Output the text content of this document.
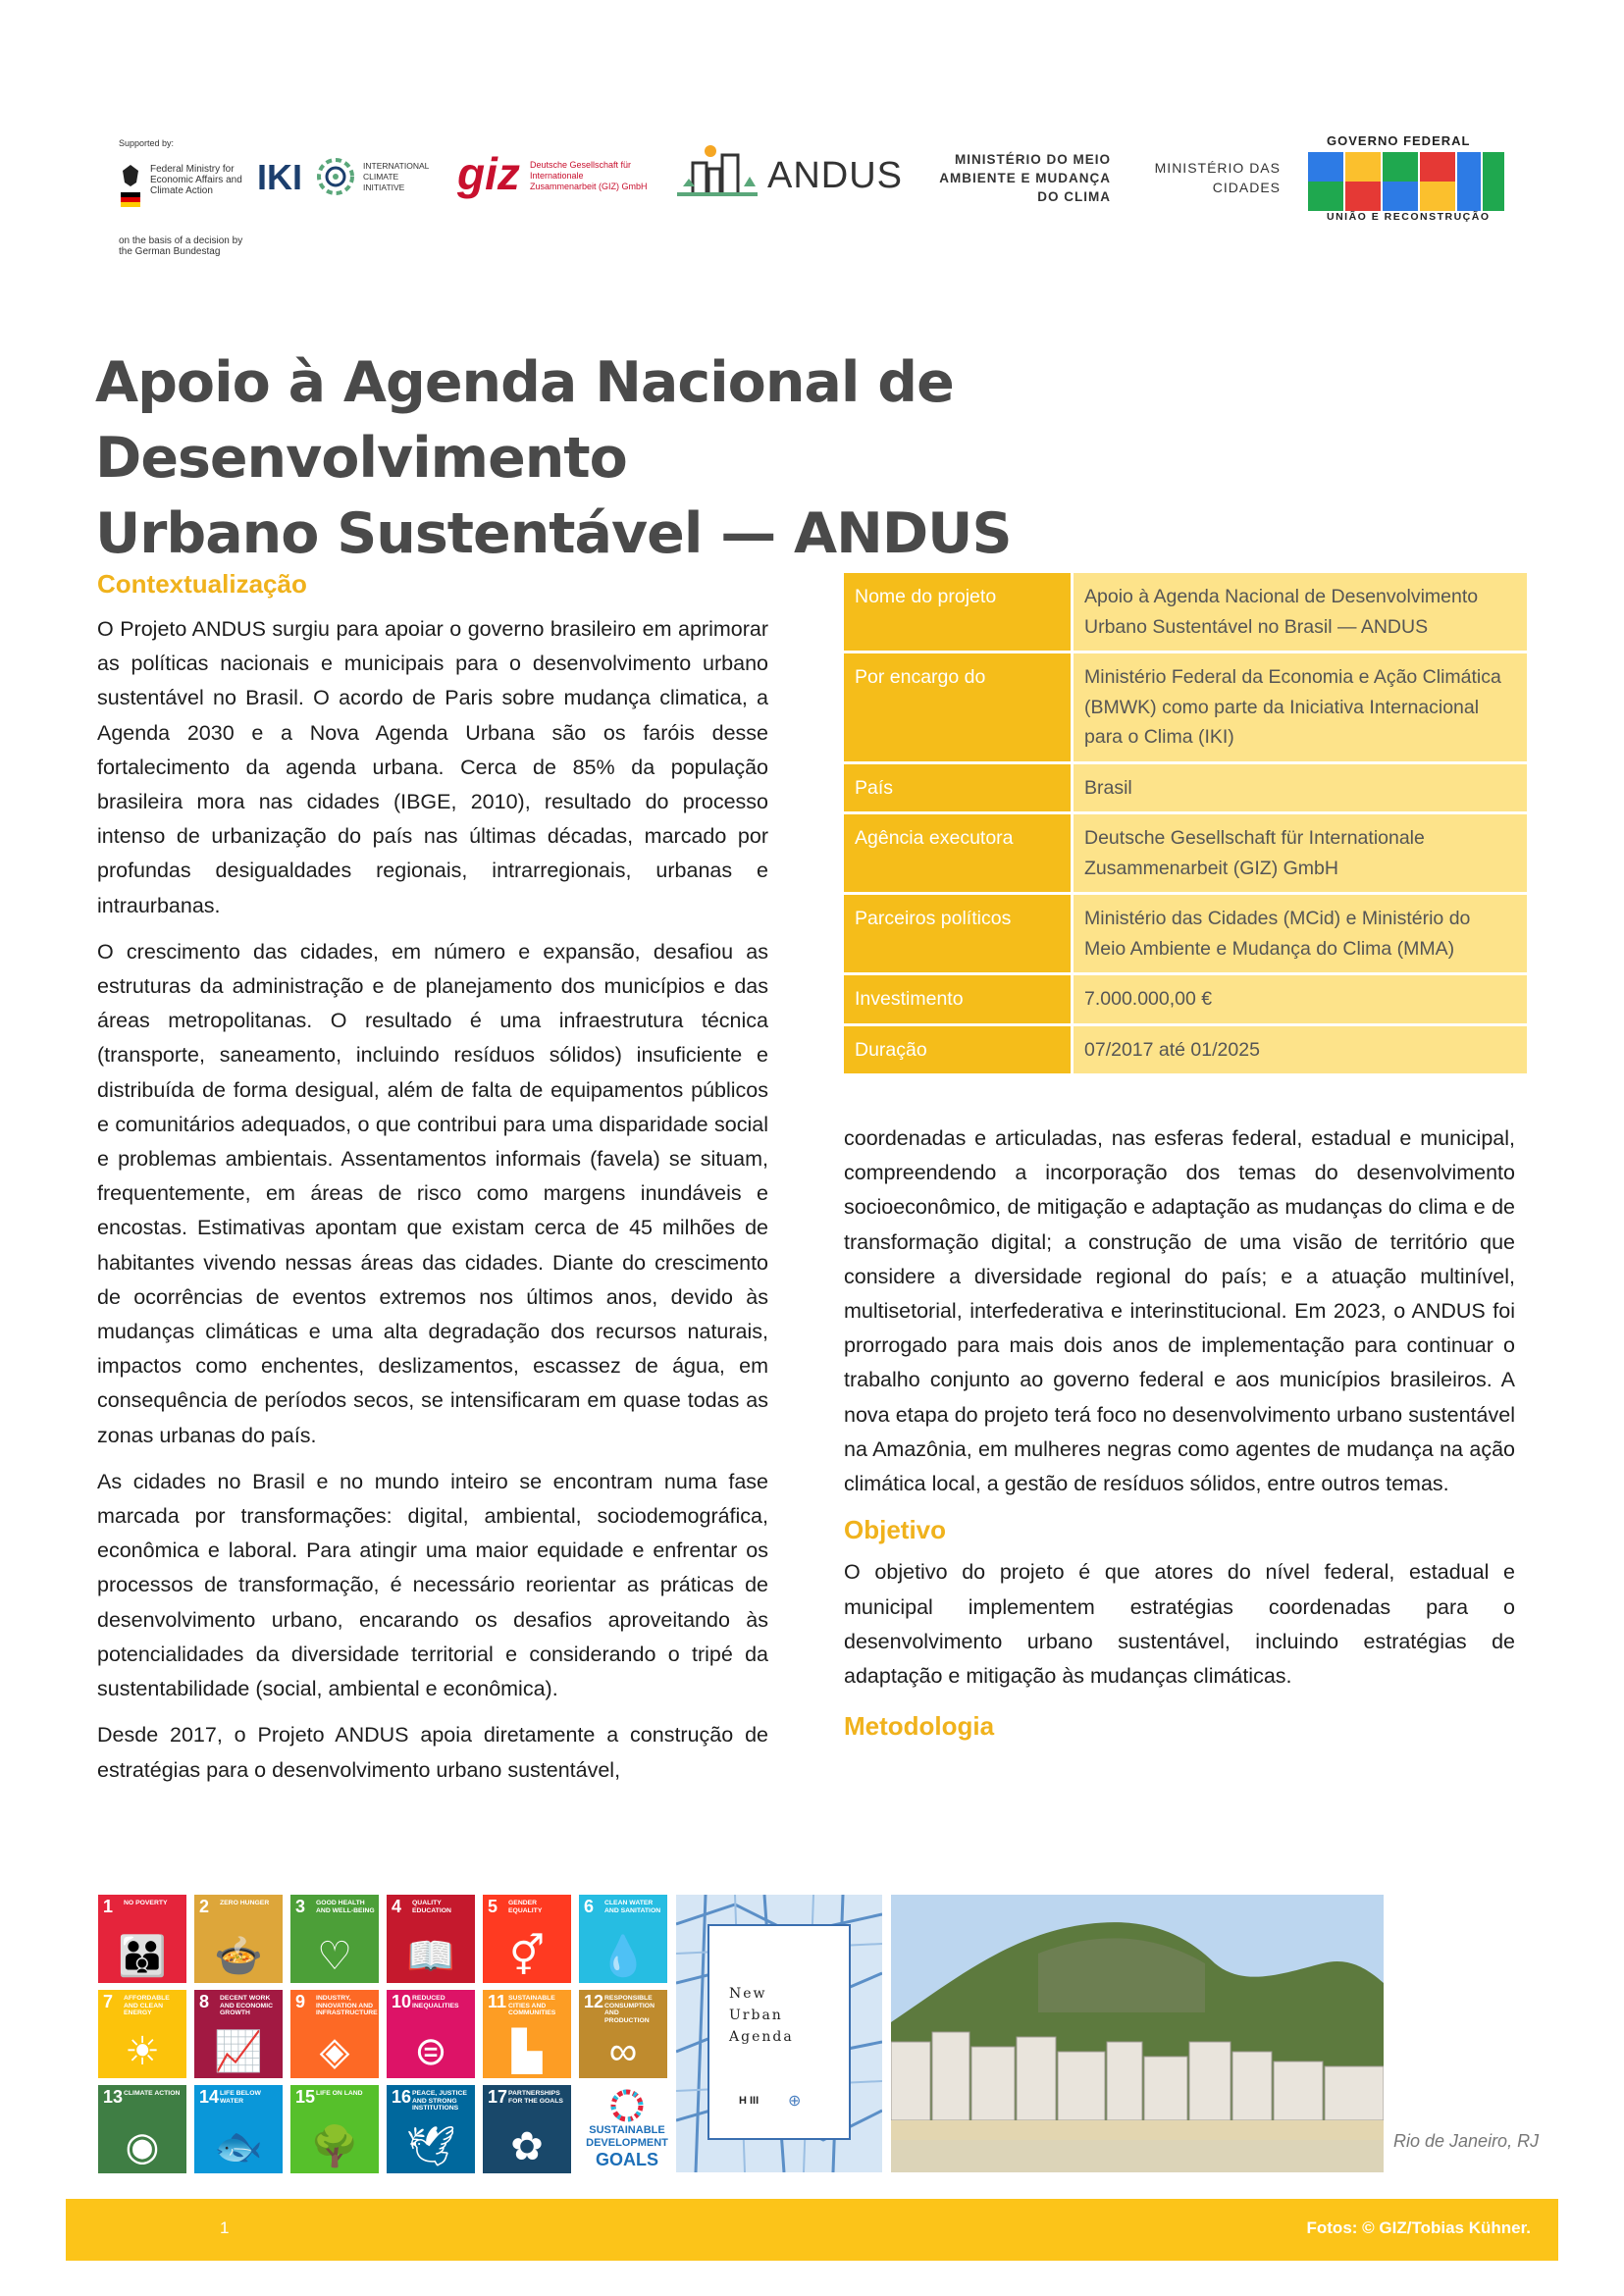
Supported by:
Federal Ministry for Economic Affairs and Climate Action
on the basis of a decision by the German Bundestag
IKI	INTERNATIONAL CLIMATE INITIATIVE	giz Deutsche Gesellschaft für Internationale Zusammenarbeit (GIZ) GmbH	ANDUS	MINISTÉRIO DO MEIO AMBIENTE E MUDANÇA DO CLIMA
MINISTÉRIO DAS CIDADES
GOVERNO FEDERAL
UNIÃO E RECONSTRUÇÃO
Apoio à Agenda Nacional de Desenvolvimento
Urbano Sustentável — ANDUS
Contextualização

O Projeto ANDUS surgiu para apoiar o governo brasileiro em aprimorar as políticas nacionais e municipais para o desenvolvimento urbano sustentável no Brasil. O acordo de Paris sobre mudança climatica, a Agenda 2030 e a Nova Agenda Urbana são os faróis desse fortalecimento da agenda urbana. Cerca de 85% da população brasileira mora nas cidades (IBGE, 2010), resultado do processo intenso de urbanização do país nas últimas décadas, marcado por profundas desigualdades regionais, intrarregionais, urbanas e intraurbanas.

O crescimento das cidades, em número e expansão, desafiou as estruturas da administração e de planejamento dos municípios e das áreas metropolitanas. O resultado é uma infraestrutura técnica (transporte, saneamento, incluindo resíduos sólidos) insuficiente e distribuída de forma desigual, além de falta de equipamentos públicos e comunitários adequados, o que contribui para uma disparidade social e problemas ambientais. Assentamentos informais (favela) se situam, frequentemente, em áreas de risco como margens inundáveis e encostas. Estimativas apontam que existam cerca de 45 milhões de habitantes vivendo nessas áreas das cidades. Diante do crescimento de ocorrências de eventos extremos nos últimos anos, devido às mudanças climáticas e uma alta degradação dos recursos naturais, impactos como enchentes, deslizamentos, escassez de água, em consequência de períodos secos, se intensificaram em quase todas as zonas urbanas do país.

As cidades no Brasil e no mundo inteiro se encontram numa fase marcada por transformações: digital, ambiental, sociodemográfica, econômica e laboral. Para atingir uma maior equidade e enfrentar os processos de transformação, é necessário reorientar as práticas de desenvolvimento urbano, encarando os desafios aproveitando às potencialidades da diversidade territorial e considerando o tripé da sustentabilidade (social, ambiental e econômica).

Desde 2017, o Projeto ANDUS apoia diretamente a construção de estratégias para o desenvolvimento urbano sustentável,

Nome do projeto	Apoio à Agenda Nacional de Desenvolvimento Urbano Sustentável no Brasil — ANDUS
Por encargo do	Ministério Federal da Economia e Ação Climática (BMWK) como parte da Iniciativa Internacional para o Clima (IKI)
País	Brasil
Agência executora	Deutsche Gesellschaft für Internationale Zusammenarbeit (GIZ) GmbH
Parceiros políticos	Ministério das Cidades (MCid) e Ministério do Meio Ambiente e Mudança do Clima (MMA)
Investimento	7.000.000,00 €
Duração	07/2017 até 01/2025

coordenadas e articuladas, nas esferas federal, estadual e municipal, compreendendo a incorporação dos temas do desenvolvimento socioeconômico, de mitigação e adaptação as mudanças do clima e de transformação digital; a construção de uma visão de território que considere a diversidade regional do país; e a atuação multinível, multisetorial, interfederativa e interinstitucional. Em 2023, o ANDUS foi prorrogado para mais dois anos de implementação para continuar o trabalho conjunto ao governo federal e aos municípios brasileiros. A nova etapa do projeto terá foco no desenvolvimento urbano sustentável na Amazônia, em mulheres negras como agentes de mudança na ação climática local, a gestão de resíduos sólidos, entre outros temas.

Objetivo

O objetivo do projeto é que atores do nível federal, estadual e municipal implementem estratégias coordenadas para o desenvolvimento urbano sustentável, incluindo estratégias de adaptação e mitigação às mudanças climáticas.

Metodologia
1 NO POVERTY
👪
2 ZERO HUNGER
🍲
3 GOOD HEALTH AND WELL-BEING
♡
4 QUALITY EDUCATION
📖
5 GENDER EQUALITY
⚥
6 CLEAN WATER AND SANITATION
💧
7 AFFORDABLE AND CLEAN ENERGY
☀
8 DECENT WORK AND ECONOMIC GROWTH
📈
9 INDUSTRY, INNOVATION AND INFRASTRUCTURE
◈
10 REDUCED INEQUALITIES
⊜
11 SUSTAINABLE CITIES AND COMMUNITIES
▙
12 RESPONSIBLE CONSUMPTION AND PRODUCTION
∞
13 CLIMATE ACTION
◉
14 LIFE BELOW WATER
🐟
15 LIFE ON LAND
🌳
16 PEACE, JUSTICE AND STRONG INSTITUTIONS
🕊
17 PARTNERSHIPS FOR THE GOALS
✿	SUSTAINABLE
DEVELOPMENT
GOALS
New
Urban
Agenda
H III ⊕
Rio de Janeiro, RJ
1	Fotos: © GIZ/Tobias Kühner.
